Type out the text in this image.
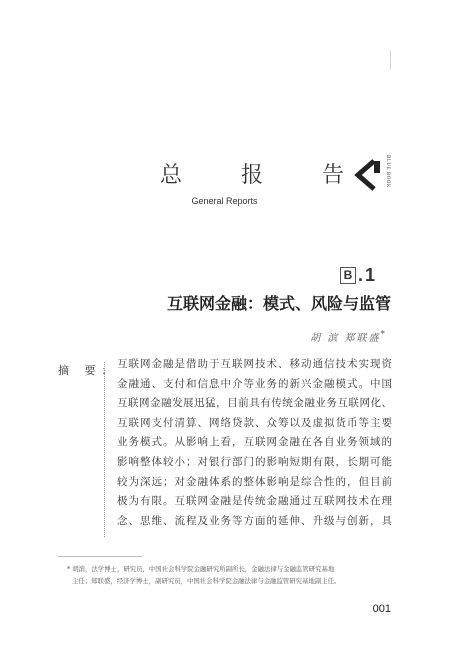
总 报 告
General Reports
BLUE BOOK
B .1
互联网金融：模式、风险与监管
胡 滨 郑联盛*
摘 要：
互联网金融是借助于互联网技术、移动通信技术实现资
金融通、支付和信息中介等业务的新兴金融模式。中国
互联网金融发展迅猛，目前具有传统金融业务互联网化、
互联网支付清算、网络贷款、众筹以及虚拟货币等主要
业务模式。从影响上看，互联网金融在各自业务领域的
影响整体较小；对银行部门的影响短期有限，长期可能
较为深远；对金融体系的整体影响是综合性的，但目前
极为有限。互联网金融是传统金融通过互联网技术在理
念、思维、流程及业务等方面的延伸、升级与创新，具
* 胡滨，法学博士，研究员，中国社会科学院金融研究所副所长，金融法律与金融监管研究基地
主任；郑联盛，经济学博士，副研究员，中国社会科学院金融法律与金融监管研究基地副主任。
001
